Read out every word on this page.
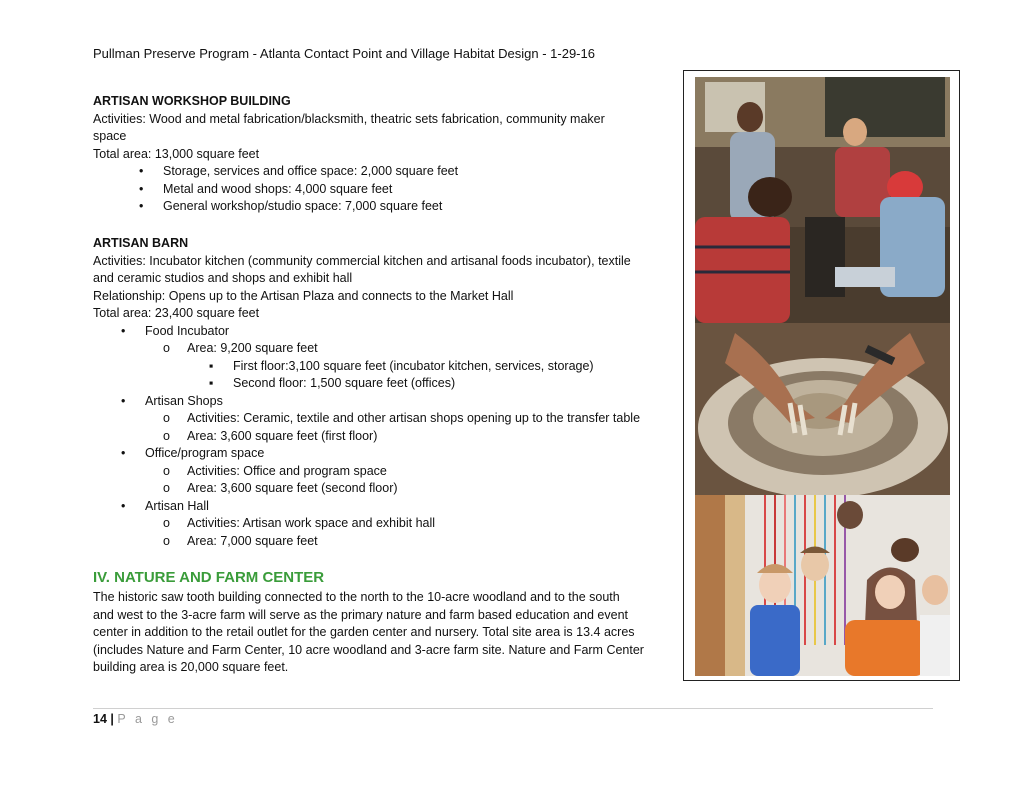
Pullman Preserve Program - Atlanta Contact Point and Village Habitat Design - 1-29-16
ARTISAN WORKSHOP BUILDING
Activities: Wood and metal fabrication/blacksmith, theatric sets fabrication, community maker
space
Total area: 13,000 square feet
• Storage, services and office space: 2,000 square feet
• Metal and wood shops: 4,000 square feet
• General workshop/studio space: 7,000 square feet
ARTISAN BARN
Activities: Incubator kitchen (community commercial kitchen and artisanal foods incubator), textile
and ceramic studios and shops and exhibit hall
Relationship: Opens up to the Artisan Plaza and connects to the Market Hall
Total area: 23,400 square feet
• Food Incubator
o Area: 9,200 square feet
▪ First floor:3,100 square feet (incubator kitchen, services, storage)
▪ Second floor: 1,500 square feet (offices)
• Artisan Shops
o Activities: Ceramic, textile and other artisan shops opening up to the transfer table
o Area: 3,600 square feet (first floor)
• Office/program space
o Activities: Office and program space
o Area: 3,600 square feet (second floor)
• Artisan Hall
o Activities: Artisan work space and exhibit hall
o Area: 7,000 square feet
IV. NATURE AND FARM CENTER
The historic saw tooth building connected to the north to the 10-acre woodland and to the south
and west to the 3-acre farm will serve as the primary nature and farm based education and event
center in addition to the retail outlet for the garden center and nursery. Total site area is 13.4 acres
(includes Nature and Farm Center, 10 acre woodland and 3-acre farm site. Nature and Farm Center
building area is 20,000 square feet.
14 | P a g e
